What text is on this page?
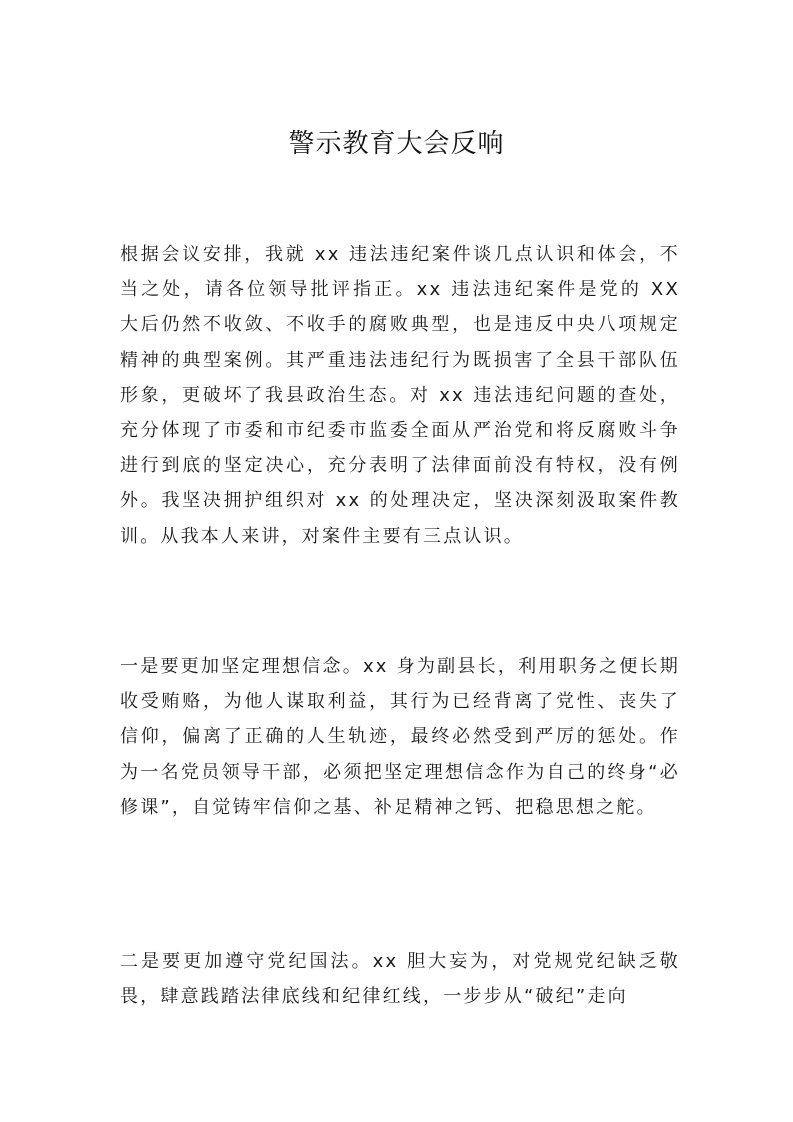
警示教育大会反响

根据会议安排，我就 xx 违法违纪案件谈几点认识和体会，不当之处，请各位领导批评指正。xx 违法违纪案件是党的 XX 大后仍然不收敛、不收手的腐败典型，也是违反中央八项规定精神的典型案例。其严重违法违纪行为既损害了全县干部队伍形象，更破坏了我县政治生态。对 xx 违法违纪问题的查处，充分体现了市委和市纪委市监委全面从严治党和将反腐败斗争进行到底的坚定决心，充分表明了法律面前没有特权，没有例外。我坚决拥护组织对 xx 的处理决定，坚决深刻汲取案件教训。从我本人来讲，对案件主要有三点认识。

一是要更加坚定理想信念。xx 身为副县长，利用职务之便长期收受贿赂，为他人谋取利益，其行为已经背离了党性、丧失了信仰，偏离了正确的人生轨迹，最终必然受到严厉的惩处。作为一名党员领导干部，必须把坚定理想信念作为自己的终身“必修课”，自觉铸牢信仰之基、补足精神之钙、把稳思想之舵。

二是要更加遵守党纪国法。xx 胆大妄为，对党规党纪缺乏敬畏，肆意践踏法律底线和纪律红线，一步步从“破纪”走向
